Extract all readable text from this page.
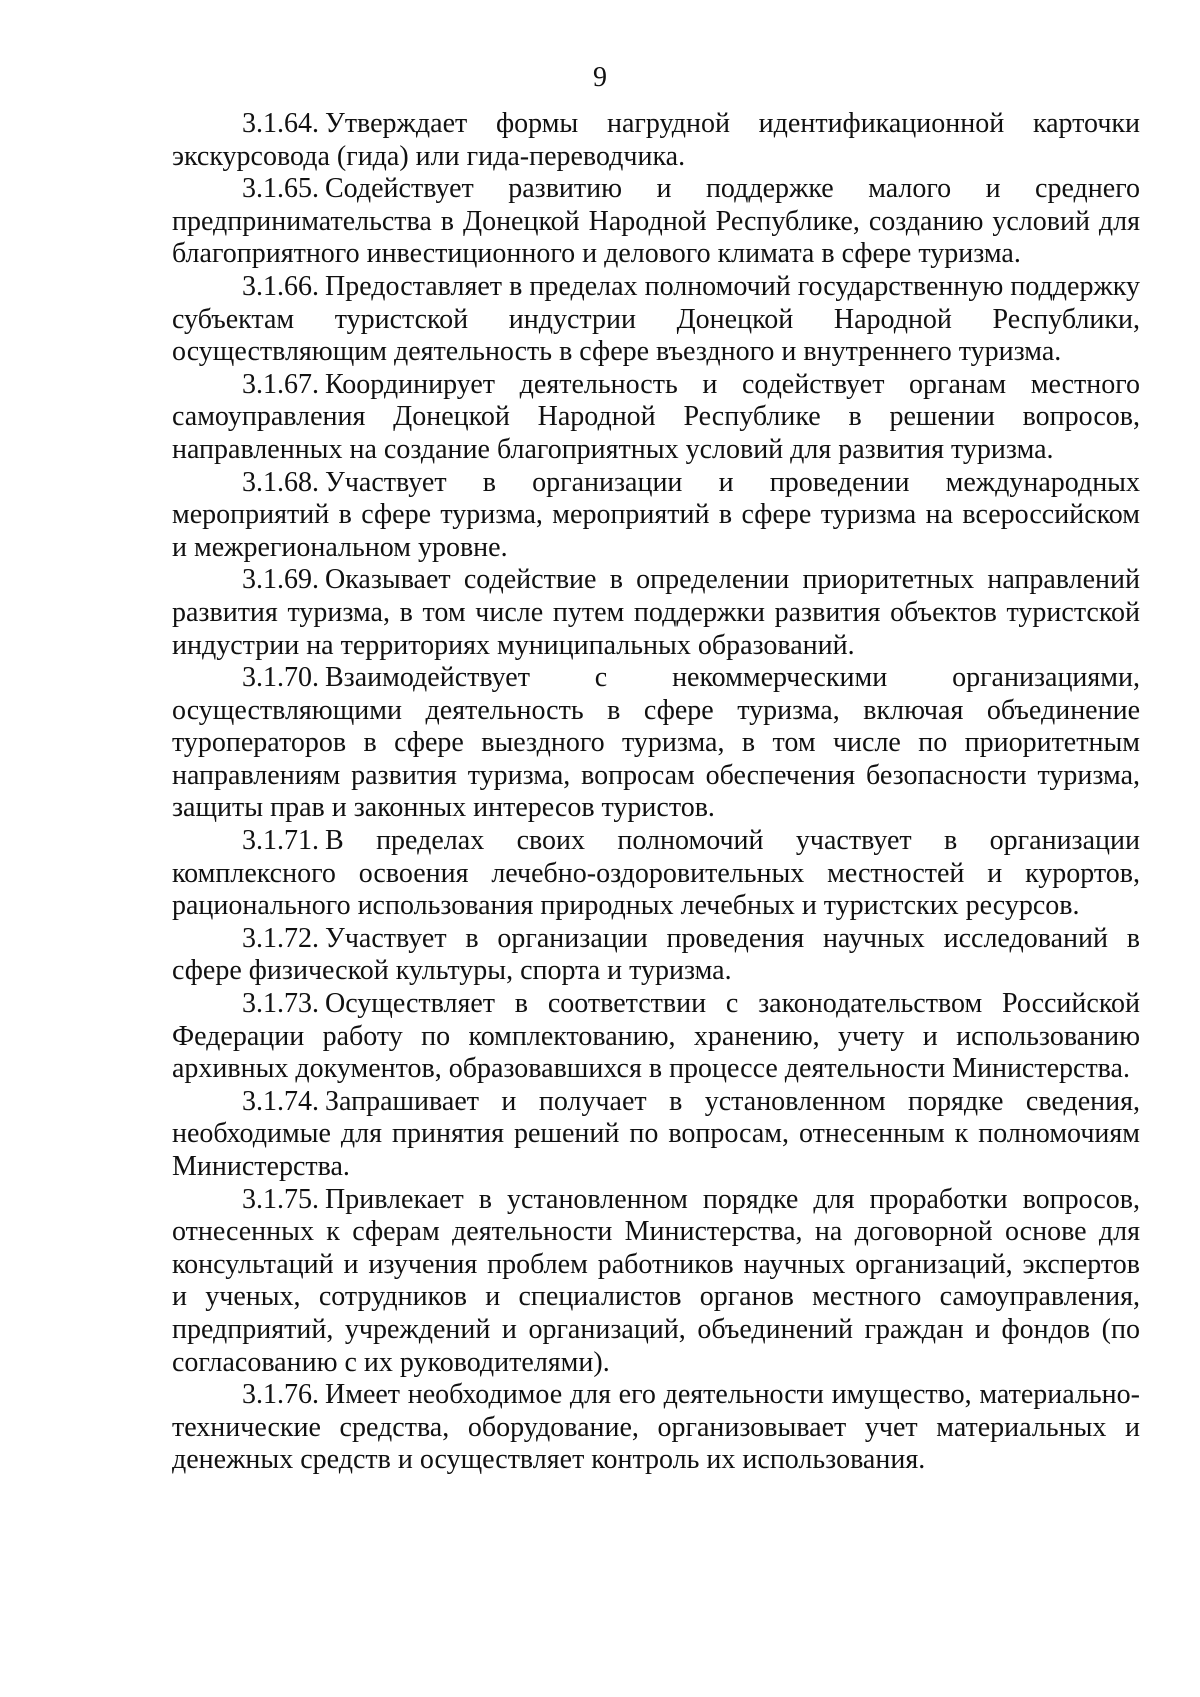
9

3.1.64. Утверждает формы нагрудной идентификационной карточки экскурсовода (гида) или гида-переводчика.

3.1.65. Содействует развитию и поддержке малого и среднего предпринимательства в Донецкой Народной Республике, созданию условий для благоприятного инвестиционного и делового климата в сфере туризма.

3.1.66. Предоставляет в пределах полномочий государственную поддержку субъектам туристской индустрии Донецкой Народной Республики, осуществляющим деятельность в сфере въездного и внутреннего туризма.

3.1.67. Координирует деятельность и содействует органам местного самоуправления Донецкой Народной Республике в решении вопросов, направленных на создание благоприятных условий для развития туризма.

3.1.68. Участвует в организации и проведении международных мероприятий в сфере туризма, мероприятий в сфере туризма на всероссийском и межрегиональном уровне.

3.1.69. Оказывает содействие в определении приоритетных направлений развития туризма, в том числе путем поддержки развития объектов туристской индустрии на территориях муниципальных образований.

3.1.70. Взаимодействует с некоммерческими организациями, осуществляющими деятельность в сфере туризма, включая объединение туроператоров в сфере выездного туризма, в том числе по приоритетным направлениям развития туризма, вопросам обеспечения безопасности туризма, защиты прав и законных интересов туристов.

3.1.71. В пределах своих полномочий участвует в организации комплексного освоения лечебно-оздоровительных местностей и курортов, рационального использования природных лечебных и туристских ресурсов.

3.1.72. Участвует в организации проведения научных исследований в сфере физической культуры, спорта и туризма.

3.1.73. Осуществляет в соответствии с законодательством Российской Федерации работу по комплектованию, хранению, учету и использованию архивных документов, образовавшихся в процессе деятельности Министерства.

3.1.74. Запрашивает и получает в установленном порядке сведения, необходимые для принятия решений по вопросам, отнесенным к полномочиям Министерства.

3.1.75. Привлекает в установленном порядке для проработки вопросов, отнесенных к сферам деятельности Министерства, на договорной основе для консультаций и изучения проблем работников научных организаций, экспертов и ученых, сотрудников и специалистов органов местного самоуправления, предприятий, учреждений и организаций, объединений граждан и фондов (по согласованию с их руководителями).

3.1.76. Имеет необходимое для его деятельности имущество, материально-технические средства, оборудование, организовывает учет материальных и денежных средств и осуществляет контроль их использования.
